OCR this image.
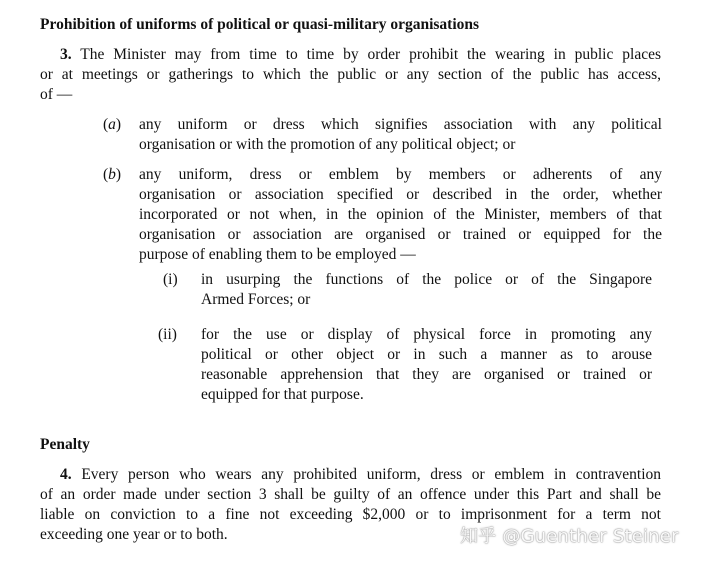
Prohibition of uniforms of political or quasi-military organisations
3. The Minister may from time to time by order prohibit the wearing in public places
or at meetings or gatherings to which the public or any section of the public has access,
of —
(a) any uniform or dress which signifies association with any political
organisation or with the promotion of any political object; or
(b) any uniform, dress or emblem by members or adherents of any
organisation or association specified or described in the order, whether
incorporated or not when, in the opinion of the Minister, members of that
organisation or association are organised or trained or equipped for the
purpose of enabling them to be employed —
(i) in usurping the functions of the police or of the Singapore
Armed Forces; or
(ii) for the use or display of physical force in promoting any
political or other object or in such a manner as to arouse
reasonable apprehension that they are organised or trained or
equipped for that purpose.
Penalty
4. Every person who wears any prohibited uniform, dress or emblem in contravention
of an order made under section 3 shall be guilty of an offence under this Part and shall be
liable on conviction to a fine not exceeding $2,000 or to imprisonment for a term not
exceeding one year or to both.	知乎 @Guenther Steiner
